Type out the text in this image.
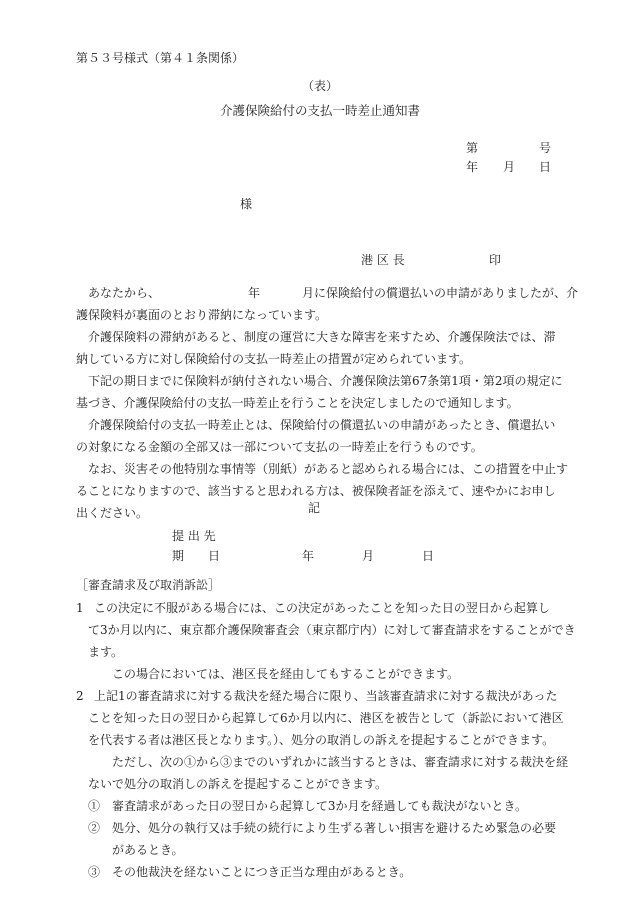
第５３号様式（第４１条関係）
（表）
介護保険給付の支払一時差止通知書
第	号
年 月 日
様
港 区 長	印
あなたから、	年	月に保険給付の償還払いの申請がありましたが、介
護保険料が裏面のとおり滞納になっています。
介護保険料の滞納があると、制度の運営に大きな障害を来すため、介護保険法では、滞
納している方に対し保険給付の支払一時差止の措置が定められています。
下記の期日までに保険料が納付されない場合、介護保険法第67条第1項・第2項の規定に
基づき、介護保険給付の支払一時差止を行うことを決定しましたので通知します。
介護保険給付の支払一時差止とは、保険給付の償還払いの申請があったとき、償還払い
の対象になる金額の全部又は一部について支払の一時差止を行うものです。
なお、災害その他特別な事情等（別紙）があると認められる場合には、この措置を中止す
ることになりますので、該当すると思われる方は、被保険者証を添えて、速やかにお申し
出ください。	記
提 出 先
期　　日	年	月	日
［審査請求及び取消訴訟］
1 この決定に不服がある場合には、この決定があったことを知った日の翌日から起算し
て3か月以内に、東京都介護保険審査会（東京都庁内）に対して審査請求をすることができ
ます。
この場合においては、港区長を経由してもすることができます。
2 上記1の審査請求に対する裁決を経た場合に限り、当該審査請求に対する裁決があった
ことを知った日の翌日から起算して6か月以内に、港区を被告として（訴訟において港区
を代表する者は港区長となります。）、処分の取消しの訴えを提起することができます。
ただし、次の①から③までのいずれかに該当するときは、審査請求に対する裁決を経
ないで処分の取消しの訴えを提起することができます。
①　審査請求があった日の翌日から起算して3か月を経過しても裁決がないとき。
②　処分、処分の執行又は手続の続行により生ずる著しい損害を避けるため緊急の必要
があるとき。
③　その他裁決を経ないことにつき正当な理由があるとき。
